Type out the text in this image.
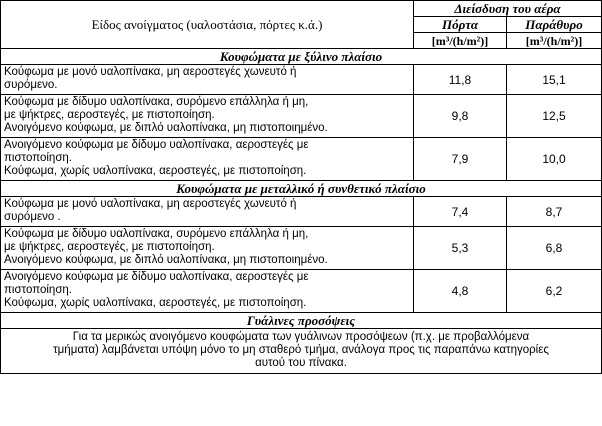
Είδος ανοίγματος (υαλοστάσια, πόρτες κ.ά.)	Διείσδυση του αέρα	
	Πόρτα	Παράθυρο
	[m³/(h/m²)]	[m³/(h/m²)]
Κουφώματα με ξύλινο πλαίσιο		

Κούφωμα με μονό υαλοπίνακα, μη αεροστεγές χωνευτό ή
συρόμενο.	11,8	15,1

Κούφωμα με δίδυμο υαλοπίνακα, συρόμενο επάλληλα ή μη,
με ψήκτρες, αεροστεγές, με πιστοποίηση.
Ανοιγόμενο κούφωμα, με διπλό υαλοπίνακα, μη πιστοποιημένο.	9,8	12,5

Ανοιγόμενο κούφωμα με δίδυμο υαλοπίνακα, αεροστεγές με
πιστοποίηση.
Κούφωμα, χωρίς υαλοπίνακα, αεροστεγές, με πιστοποίηση.	7,9	10,0
Κουφώματα με μεταλλικό ή συνθετικό πλαίσιο		

Κούφωμα με μονό υαλοπίνακα, μη αεροστεγές χωνευτό ή
συρόμενο .	7,4	8,7

Κούφωμα με δίδυμο υαλοπίνακα, συρόμενο επάλληλα ή μη,
με ψήκτρες, αεροστεγές, με πιστοποίηση.
Ανοιγόμενο κούφωμα, με διπλό υαλοπίνακα, μη πιστοποιημένο.	5,3	6,8

Ανοιγόμενο κούφωμα με δίδυμο υαλοπίνακα, αεροστεγές με
πιστοποίηση.
Κούφωμα, χωρίς υαλοπίνακα, αεροστεγές, με πιστοποίηση.	4,8	6,2
Γυάλινες προσόψεις		

Για τα μερικώς ανοιγόμενο κουφώματα των γυάλινων προσόψεων (π.χ. με προβαλλόμενα
τμήματα) λαμβάνεται υπόψη μόνο το μη σταθερό τμήμα, ανάλογα προς τις παραπάνω κατηγορίες
αυτού του πίνακα.		
